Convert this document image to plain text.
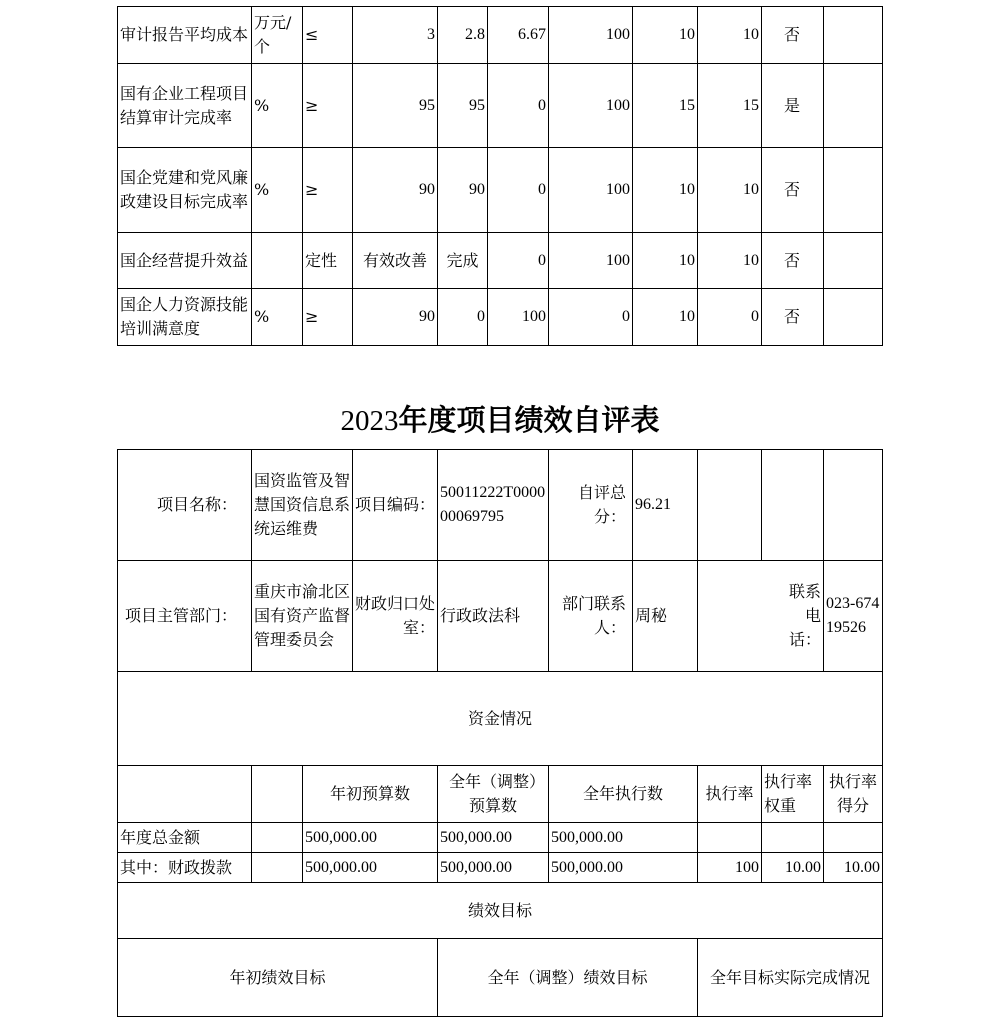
审计报告平均成本	万元/个	≤	3	2.8	6.67	100	10	10	否	
国有企业工程项目结算审计完成率	%	≥	95	95	0	100	15	15	是	
国企党建和党风廉政建设目标完成率	%	≥	90	90	0	100	10	10	否	
国企经营提升效益		定性	有效改善	完成	0	100	10	10	否	
国企人力资源技能培训满意度	%	≥	90	0	100	0	10	0	否	
2023年度项目绩效自评表
项目名称：	国资监管及智慧国资信息系统运维费		项目编码：	50011222T000000069795	自评总分：	96.21			
项目主管部门：	重庆市渝北区国有资产监督管理委员会		财政归口处室：	行政政法科	部门联系人：	周秘	联系电话：		023-67419526
资金情况									
		年初预算数		全年（调整）预算数	全年执行数		执行率	执行率权重	执行率得分
年度总金额		500,000.00		500,000.00	500,000.00				
其中：财政拨款		500,000.00		500,000.00	500,000.00		100	10.00	10.00
绩效目标									
年初绩效目标				全年（调整）绩效目标			全年目标实际完成情况		
